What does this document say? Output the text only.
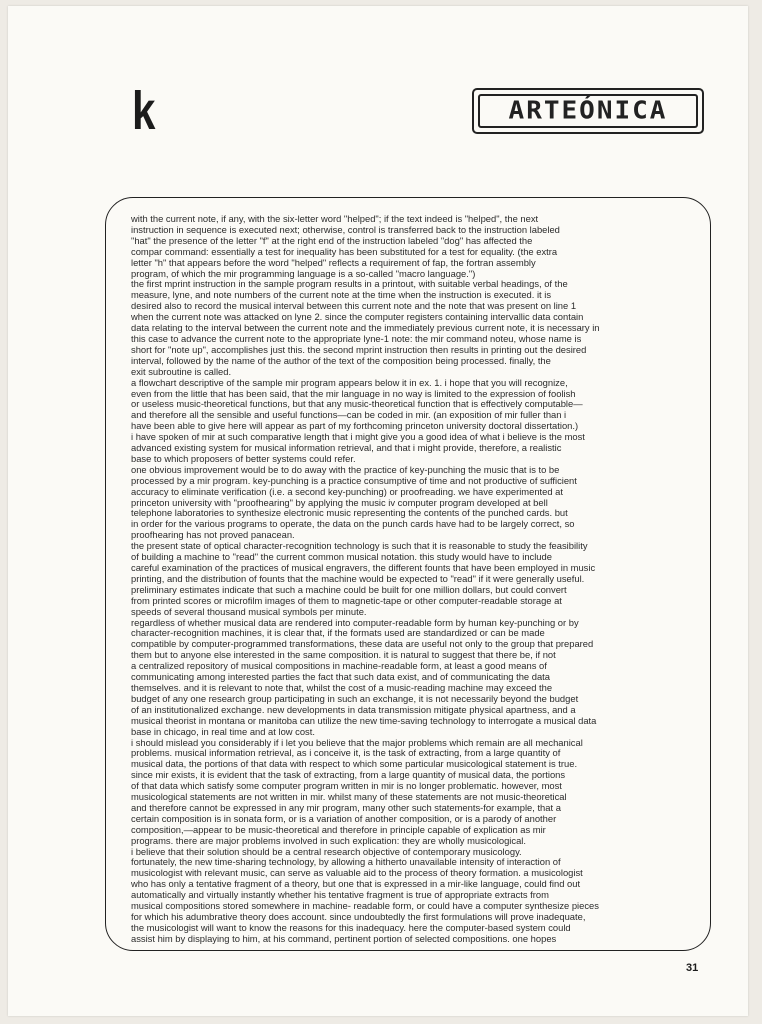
k	ARTEÓNICA
with the current note, if any, with the six-letter word "helped"; if the text indeed is "helped", the next
instruction in sequence is executed next; otherwise, control is transferred back to the instruction labeled
"hat" the presence of the letter "f" at the right end of the instruction labeled "dog" has affected the
compar command: essentially a test for inequality has been substituted for a test for equality. (the extra
letter "h" that appears before the word "helped" reflects a requirement of fap, the fortran assembly
program, of which the mir programming language is a so-called "macro language.")
the first mprint instruction in the sample program results in a printout, with suitable verbal headings, of the
measure, lyne, and note numbers of the current note at the time when the instruction is executed. it is
desired also to record the musical interval between this current note and the note that was present on line 1
when the current note was attacked on lyne 2. since the computer registers containing intervallic data contain
data relating to the interval between the current note and the immediately previous current note, it is necessary in
this case to advance the current note to the appropriate lyne-1 note: the mir command noteu, whose name is
short for "note up", accomplishes just this. the second mprint instruction then results in printing out the desired
interval, followed by the name of the author of the text of the composition being processed. finally, the
exit subroutine is called.
a flowchart descriptive of the sample mir program appears below it in ex. 1. i hope that you will recognize,
even from the little that has been said, that the mir language in no way is limited to the expression of foolish
or useless music-theoretical functions, but that any music-theoretical function that is effectively computable—
and therefore all the sensible and useful functions—can be coded in mir. (an exposition of mir fuller than i
have been able to give here will appear as part of my forthcoming princeton university doctoral dissertation.)
i have spoken of mir at such comparative length that i might give you a good idea of what i believe is the most
advanced existing system for musical information retrieval, and that i might provide, therefore, a realistic
base to which proposers of better systems could refer.
one obvious improvement would be to do away with the practice of key-punching the music that is to be
processed by a mir program. key-punching is a practice consumptive of time and not productive of sufficient
accuracy to eliminate verification (i.e. a second key-punching) or proofreading. we have experimented at
princeton university with "proofhearing" by applying the music iv computer program developed at bell
telephone laboratories to synthesize electronic music representing the contents of the punched cards. but
in order for the various programs to operate, the data on the punch cards have had to be largely correct, so
proofhearing has not proved panacean.
the present state of optical character-recognition technology is such that it is reasonable to study the feasibility
of building a machine to "read" the current common musical notation. this study would have to include
careful examination of the practices of musical engravers, the different founts that have been employed in music
printing, and the distribution of founts that the machine would be expected to "read" if it were generally useful.
preliminary estimates indicate that such a machine could be built for one million dollars, but could convert
from printed scores or microfilm images of them to magnetic-tape or other computer-readable storage at
speeds of several thousand musical symbols per minute.
regardless of whether musical data are rendered into computer-readable form by human key-punching or by
character-recognition machines, it is clear that, if the formats used are standardized or can be made
compatible by computer-programmed transformations, these data are useful not only to the group that prepared
them but to anyone else interested in the same composition. it is natural to suggest that there be, if not
a centralized repository of musical compositions in machine-readable form, at least a good means of
communicating among interested parties the fact that such data exist, and of communicating the data
themselves. and it is relevant to note that, whilst the cost of a music-reading machine may exceed the
budget of any one research group participating in such an exchange, it is not necessarily beyond the budget
of an institutionalized exchange. new developments in data transmission mitigate physical apartness, and a
musical theorist in montana or manitoba can utilize the new time-saving technology to interrogate a musical data
base in chicago, in real time and at low cost.
i should mislead you considerably if i let you believe that the major problems which remain are all mechanical
problems. musical information retrieval, as i conceive it, is the task of extracting, from a large quantity of
musical data, the portions of that data with respect to which some particular musicological statement is true.
since mir exists, it is evident that the task of extracting, from a large quantity of musical data, the portions
of that data which satisfy some computer program written in mir is no longer problematic. however, most
musicological statements are not written in mir. whilst many of these statements are not music-theoretical
and therefore cannot be expressed in any mir program, many other such statements-for example, that a
certain composition is in sonata form, or is a variation of another composition, or is a parody of another
composition,—appear to be music-theoretical and therefore in principle capable of explication as mir
programs. there are major problems involved in such explication: they are wholly musicological.
i believe that their solution should be a central research objective of contemporary musicology.
fortunately, the new time-sharing technology, by allowing a hitherto unavailable intensity of interaction of
musicologist with relevant music, can serve as valuable aid to the process of theory formation. a musicologist
who has only a tentative fragment of a theory, but one that is expressed in a mir-like language, could find out
automatically and virtually instantly whether his tentative fragment is true of appropriate extracts from
musical compositions stored somewhere in machine- readable form, or could have a computer synthesize pieces
for which his adumbrative theory does account. since undoubtedly the first formulations will prove inadequate,
the musicologist will want to know the reasons for this inadequacy. here the computer-based system could
assist him by displaying to him, at his command, pertinent portion of selected compositions. one hopes
31
